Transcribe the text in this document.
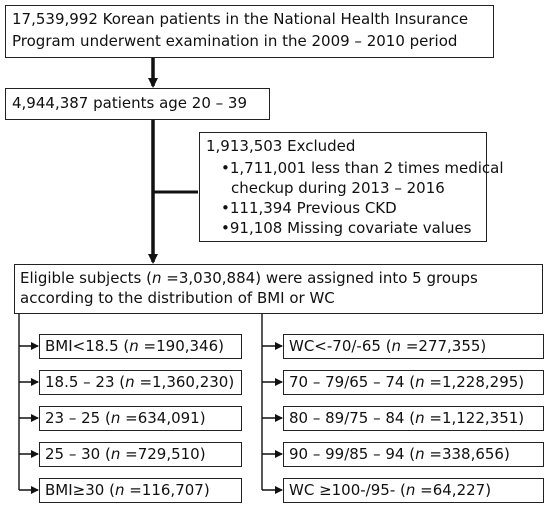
17,539,992 Korean patients in the National Health Insurance
Program underwent examination in the 2009 – 2010 period
4,944,387 patients age 20 – 39
1,913,503 Excluded
•1,711,001 less than 2 times medical
checkup during 2013 – 2016
•111,394 Previous CKD
•91,108 Missing covariate values
Eligible subjects (n =3,030,884) were assigned into 5 groups
according to the distribution of BMI or WC
BMI<18.5 (n =190,346)
18.5 – 23 (n =1,360,230)
23 – 25 (n =634,091)
25 – 30 (n =729,510)
BMI≥30 (n =116,707)
WC<-70/-65 (n =277,355)
70 – 79/65 – 74 (n =1,228,295)
80 – 89/75 – 84 (n =1,122,351)
90 – 99/85 – 94 (n =338,656)
WC ≥100-/95- (n =64,227)
